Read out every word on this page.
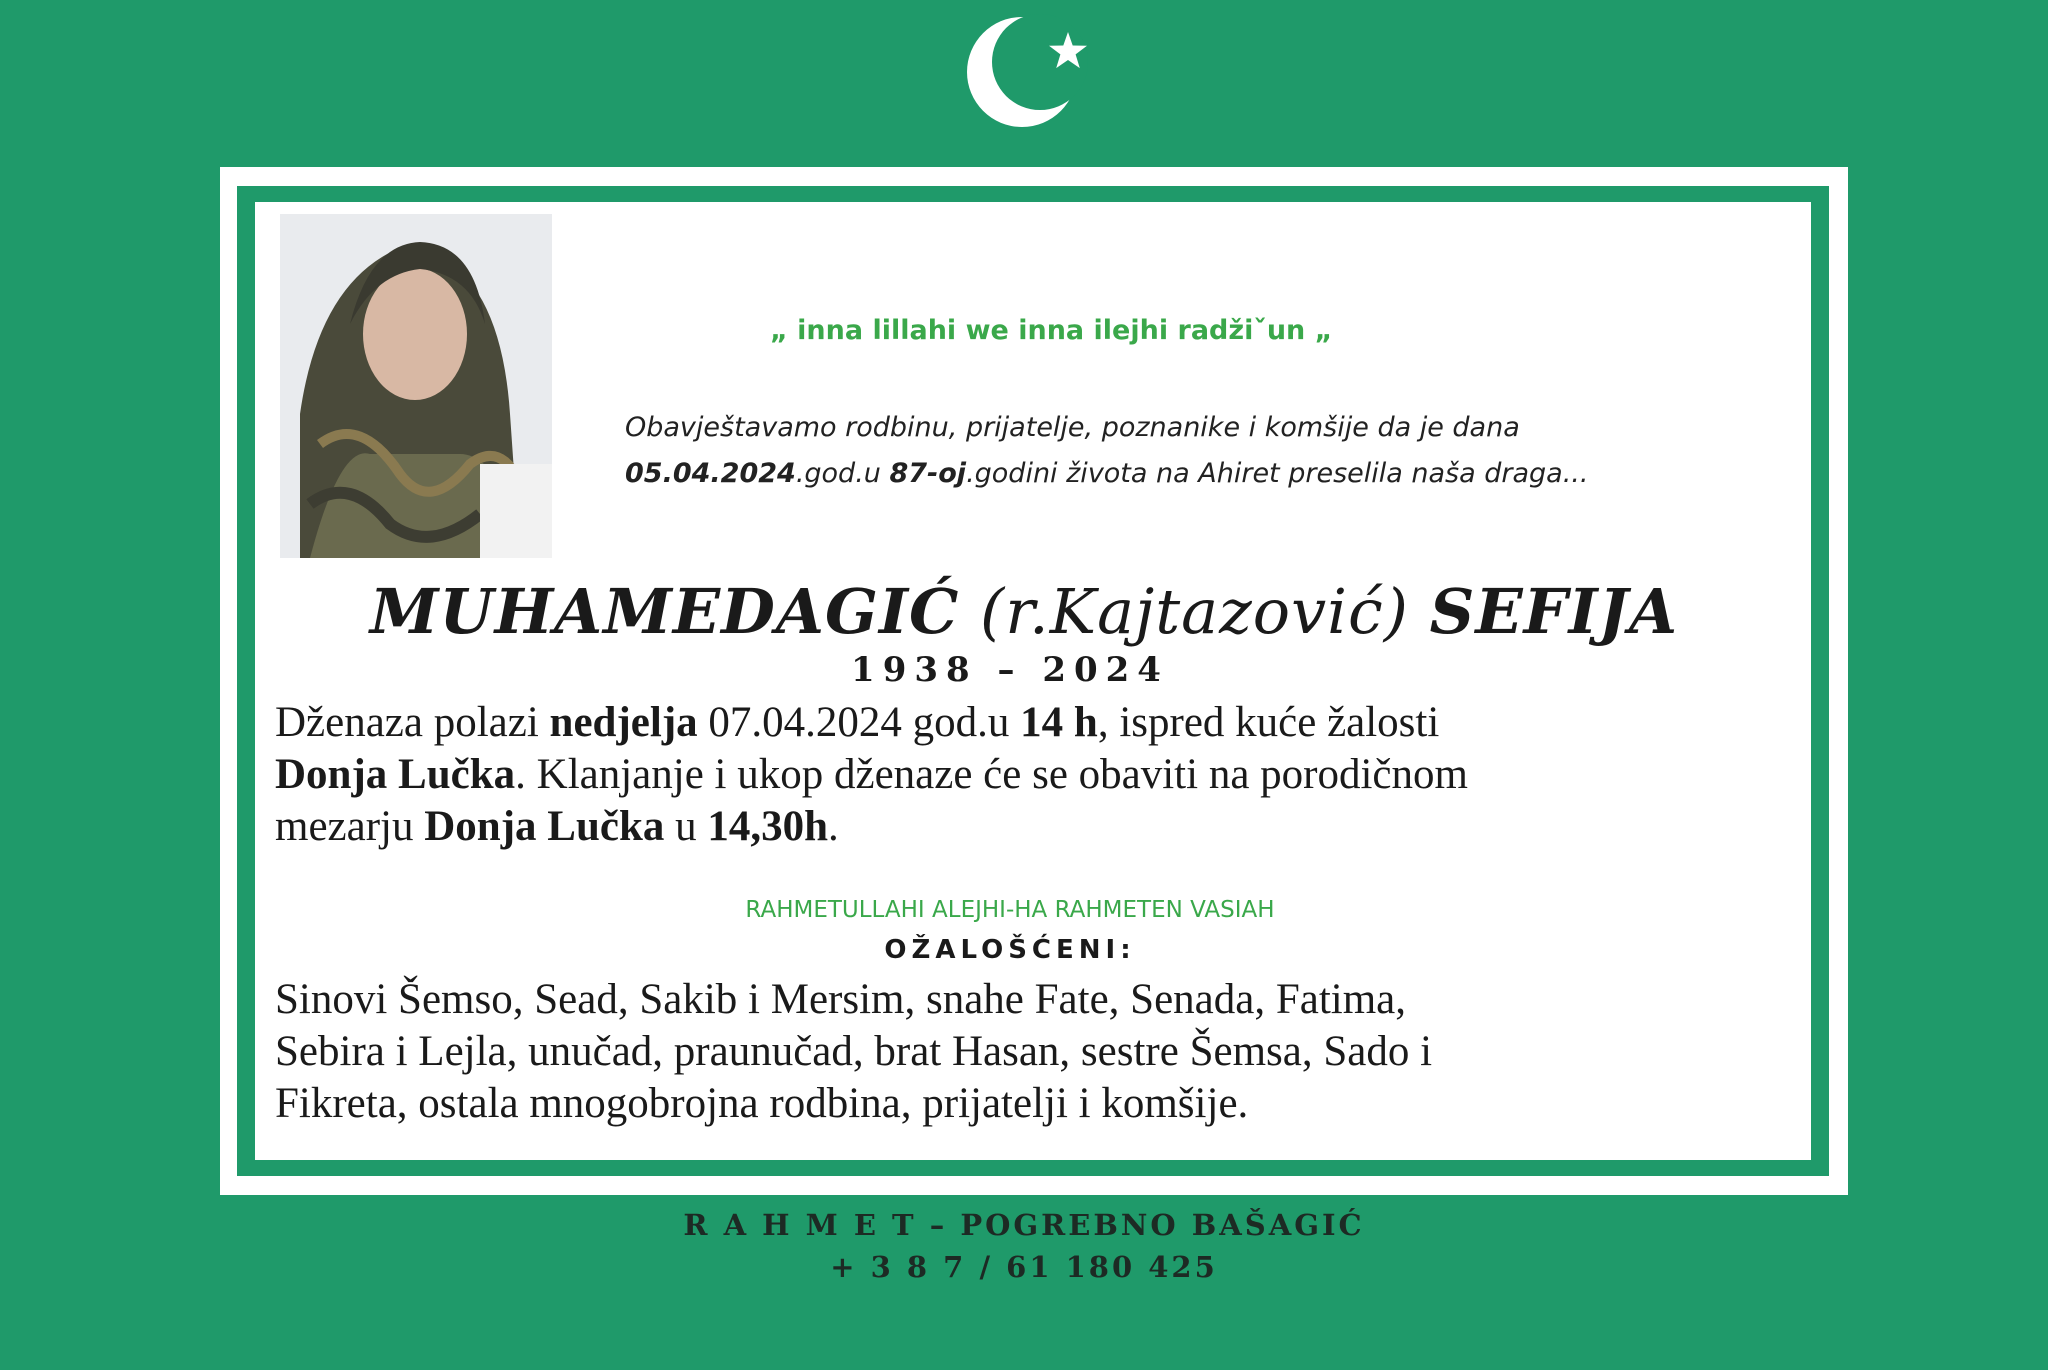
„ inna lillahi we inna ilejhi radžiˇun „
Obavještavamo rodbinu, prijatelje, poznanike i komšije da je dana
05.04.2024.god.u 87-oj.godini života na Ahiret preselila naša draga...
MUHAMEDAGIĆ (r.Kajtazović) SEFIJA
1938 – 2024
Dženaza polazi nedjelja 07.04.2024 god.u 14 h, ispred kuće žalosti
Donja Lučka. Klanjanje i ukop dženaze će se obaviti na porodičnom
mezarju Donja Lučka u 14,30h.
RAHMETULLAHI ALEJHI-HA RAHMETEN VASIAH
OŽALOŠĆENI:
Sinovi Šemso, Sead, Sakib i Mersim, snahe Fate, Senada, Fatima,
Sebira i Lejla, unučad, praunučad, brat Hasan, sestre Šemsa, Sado i
Fikreta, ostala mnogobrojna rodbina, prijatelji i komšije.
R A H M E T – POGREBNO BAŠAGIĆ
+ 3 8 7 / 61 180 425
